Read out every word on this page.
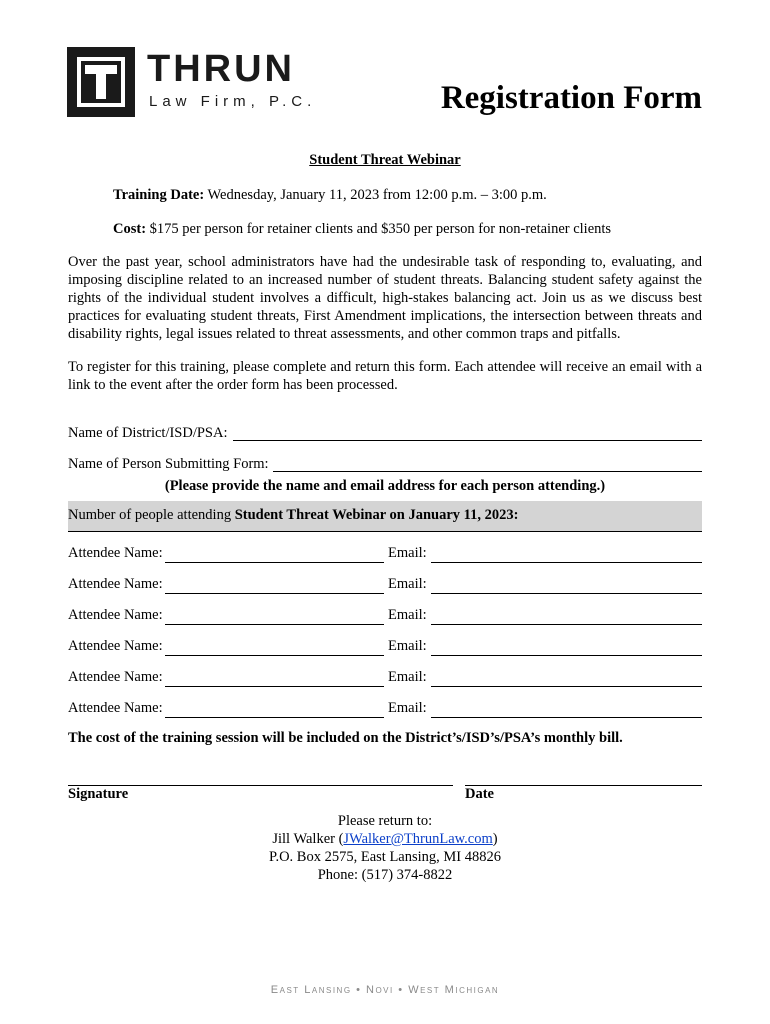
THRUN
Law Firm, P.C.	Registration Form
Student Threat Webinar
Training Date: Wednesday, January 11, 2023 from 12:00 p.m. – 3:00 p.m.
Cost: $175 per person for retainer clients and $350 per person for non-retainer clients
Over the past year, school administrators have had the undesirable task of responding to, evaluating, and imposing discipline related to an increased number of student threats. Balancing student safety against the rights of the individual student involves a difficult, high-stakes balancing act. Join us as we discuss best practices for evaluating student threats, First Amendment implications, the intersection between threats and disability rights, legal issues related to threat assessments, and other common traps and pitfalls.
To register for this training, please complete and return this form. Each attendee will receive an email with a link to the event after the order form has been processed.
Name of District/ISD/PSA:
Name of Person Submitting Form:
(Please provide the name and email address for each person attending.)
Number of people attending Student Threat Webinar on January 11, 2023:
Attendee Name:	Email:
Attendee Name:	Email:
Attendee Name:	Email:
Attendee Name:	Email:
Attendee Name:	Email:
Attendee Name:	Email:
The cost of the training session will be included on the District’s/ISD’s/PSA’s monthly bill.
Signature	Date
Please return to:
Jill Walker (JWalker@ThrunLaw.com)
P.O. Box 2575, East Lansing, MI 48826
Phone: (517) 374-8822
East Lansing • Novi • West Michigan
